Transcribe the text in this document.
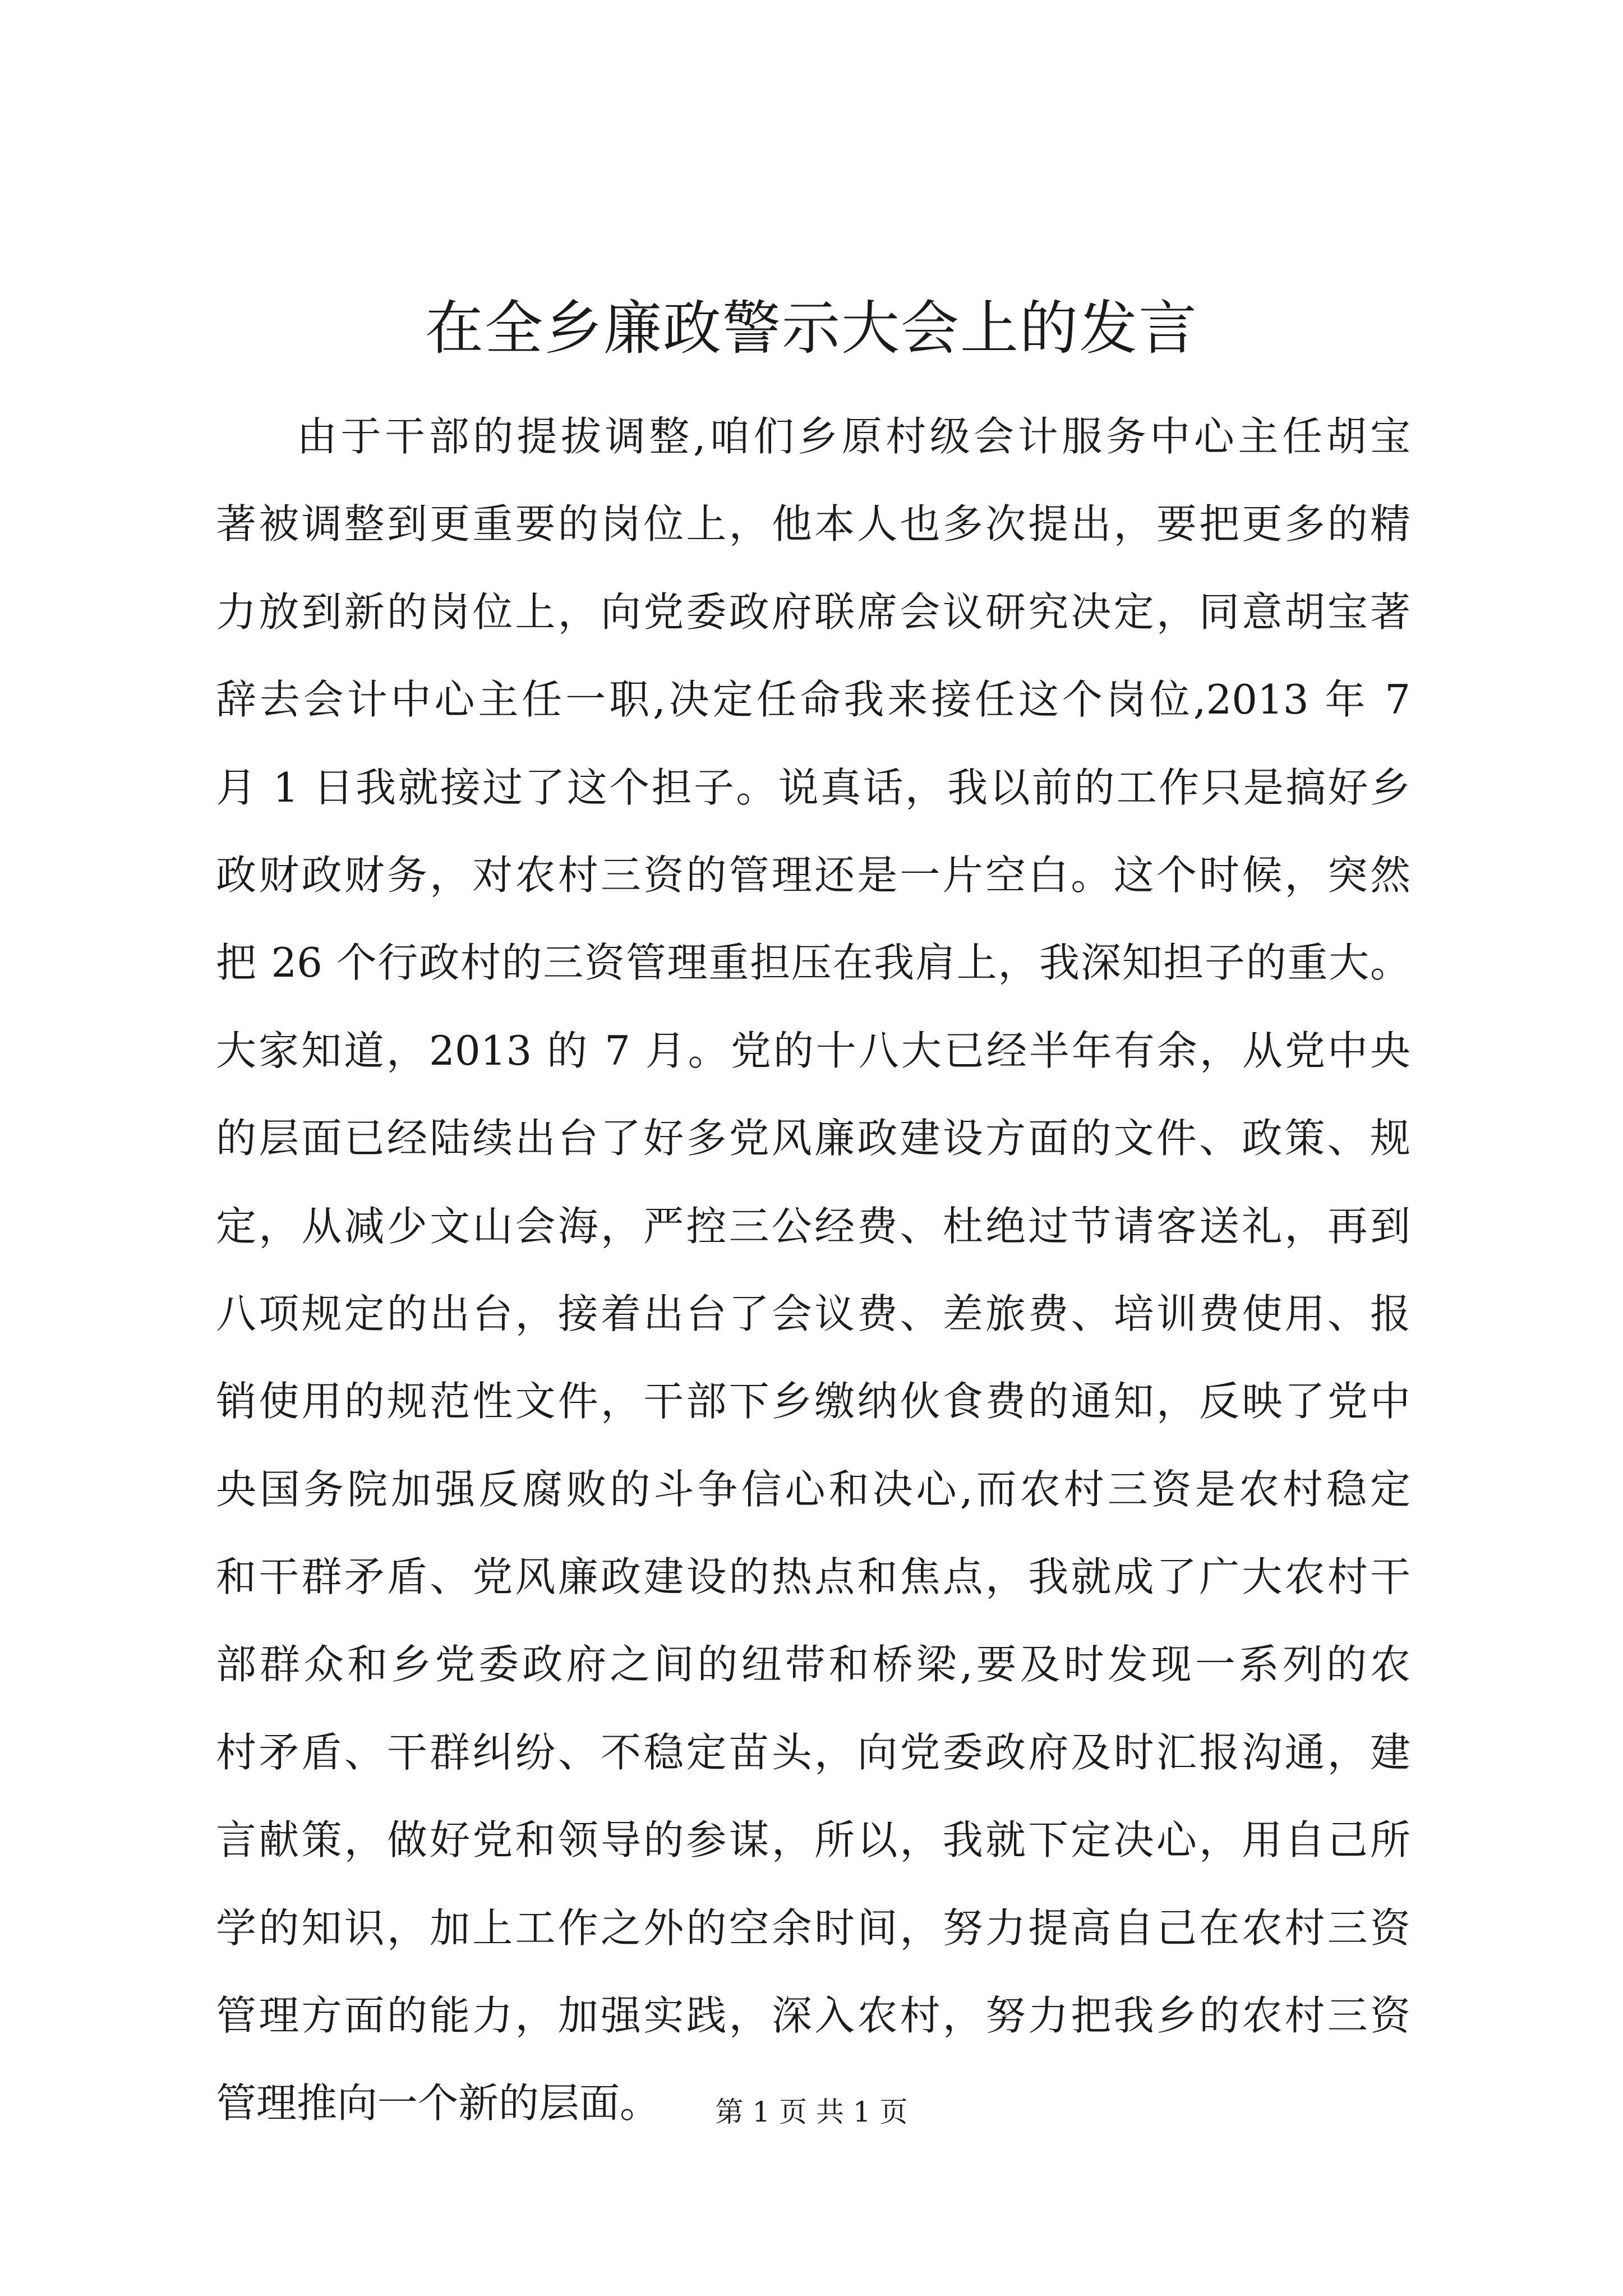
在全乡廉政警示大会上的发言

由于干部的提拔调整,咱们乡原村级会计服务中心主任胡宝
著被调整到更重要的岗位上，他本人也多次提出，要把更多的精
力放到新的岗位上，向党委政府联席会议研究决定，同意胡宝著
辞去会计中心主任一职,决定任命我来接任这个岗位,2013 年 7
月 1 日我就接过了这个担子。说真话，我以前的工作只是搞好乡
政财政财务，对农村三资的管理还是一片空白。这个时候，突然
把 26 个行政村的三资管理重担压在我肩上，我深知担子的重大。
大家知道，2013 的 7 月。党的十八大已经半年有余，从党中央
的层面已经陆续出台了好多党风廉政建设方面的文件、政策、规
定，从减少文山会海，严控三公经费、杜绝过节请客送礼，再到
八项规定的出台，接着出台了会议费、差旅费、培训费使用、报
销使用的规范性文件，干部下乡缴纳伙食费的通知，反映了党中
央国务院加强反腐败的斗争信心和决心,而农村三资是农村稳定
和干群矛盾、党风廉政建设的热点和焦点，我就成了广大农村干
部群众和乡党委政府之间的纽带和桥梁,要及时发现一系列的农
村矛盾、干群纠纷、不稳定苗头，向党委政府及时汇报沟通，建
言献策，做好党和领导的参谋，所以，我就下定决心，用自己所
学的知识，加上工作之外的空余时间，努力提高自己在农村三资
管理方面的能力，加强实践，深入农村，努力把我乡的农村三资
管理推向一个新的层面。	第 1 页 共 1 页
